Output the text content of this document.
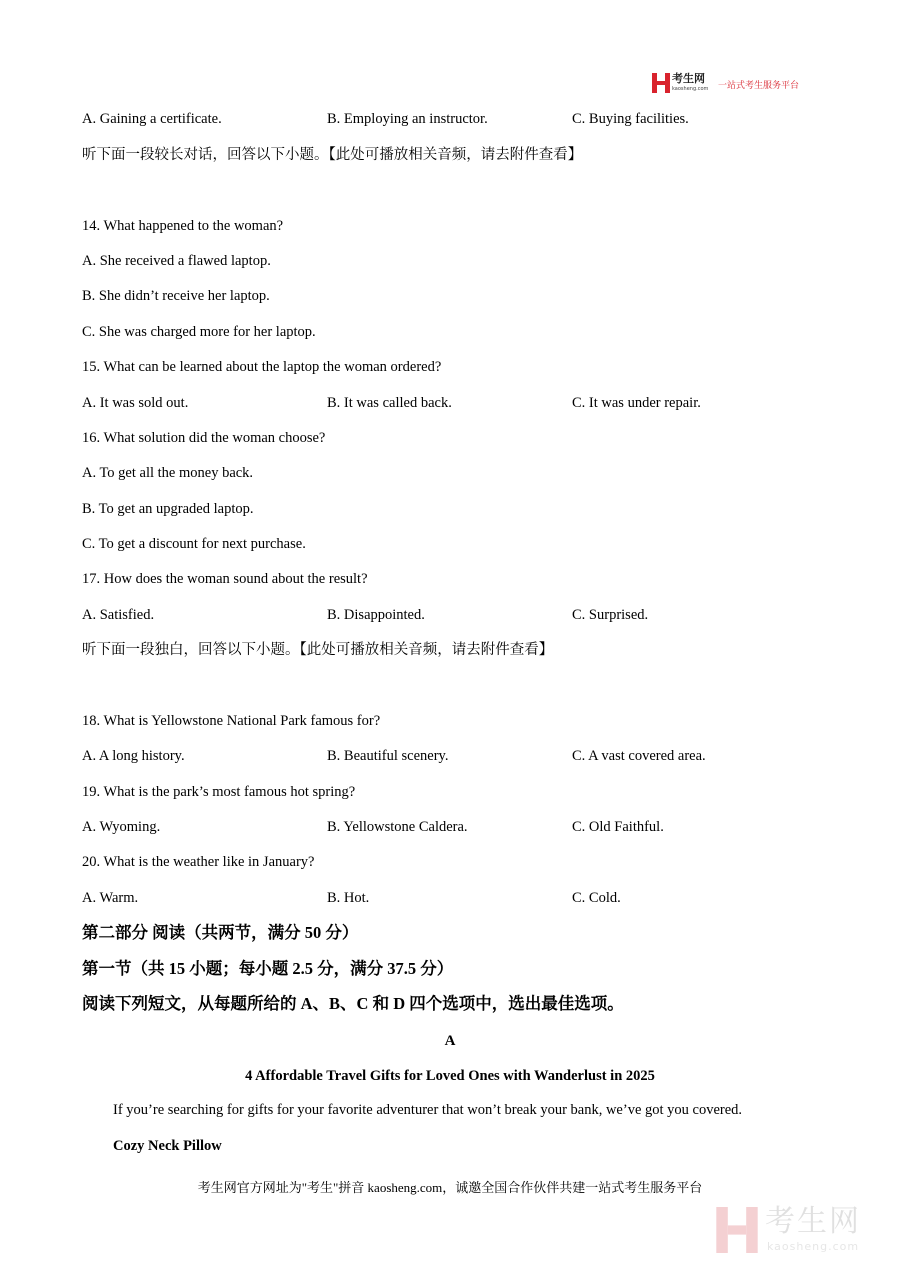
考生网
kaosheng.com 一站式考生服务平台
A. Gaining a certificate.	B. Employing an instructor.	C. Buying facilities.
听下面一段较长对话，回答以下小题。【此处可播放相关音频，请去附件查看】
14. What happened to the woman?
A. She received a flawed laptop.
B. She didn’t receive her laptop.
C. She was charged more for her laptop.
15. What can be learned about the laptop the woman ordered?
A. It was sold out.	B. It was called back.	C. It was under repair.
16. What solution did the woman choose?
A. To get all the money back.
B. To get an upgraded laptop.
C. To get a discount for next purchase.
17. How does the woman sound about the result?
A. Satisfied.	B. Disappointed.	C. Surprised.
听下面一段独白，回答以下小题。【此处可播放相关音频，请去附件查看】
18. What is Yellowstone National Park famous for?
A. A long history.	B. Beautiful scenery.	C. A vast covered area.
19. What is the park’s most famous hot spring?
A. Wyoming.	B. Yellowstone Caldera.	C. Old Faithful.
20. What is the weather like in January?
A. Warm.	B. Hot.	C. Cold.
第二部分 阅读（共两节，满分 50 分）
第一节（共 15 小题；每小题 2.5 分，满分 37.5 分）
阅读下列短文，从每题所给的 A、B、C 和 D 四个选项中，选出最佳选项。
A
4 Affordable Travel Gifts for Loved Ones with Wanderlust in 2025
If you’re searching for gifts for your favorite adventurer that won’t break your bank, we’ve got you covered.
Cozy Neck Pillow
考生网官方网址为"考生"拼音 kaosheng.com，诚邀全国合作伙伴共建一站式考生服务平台
考生网
kaosheng.com
